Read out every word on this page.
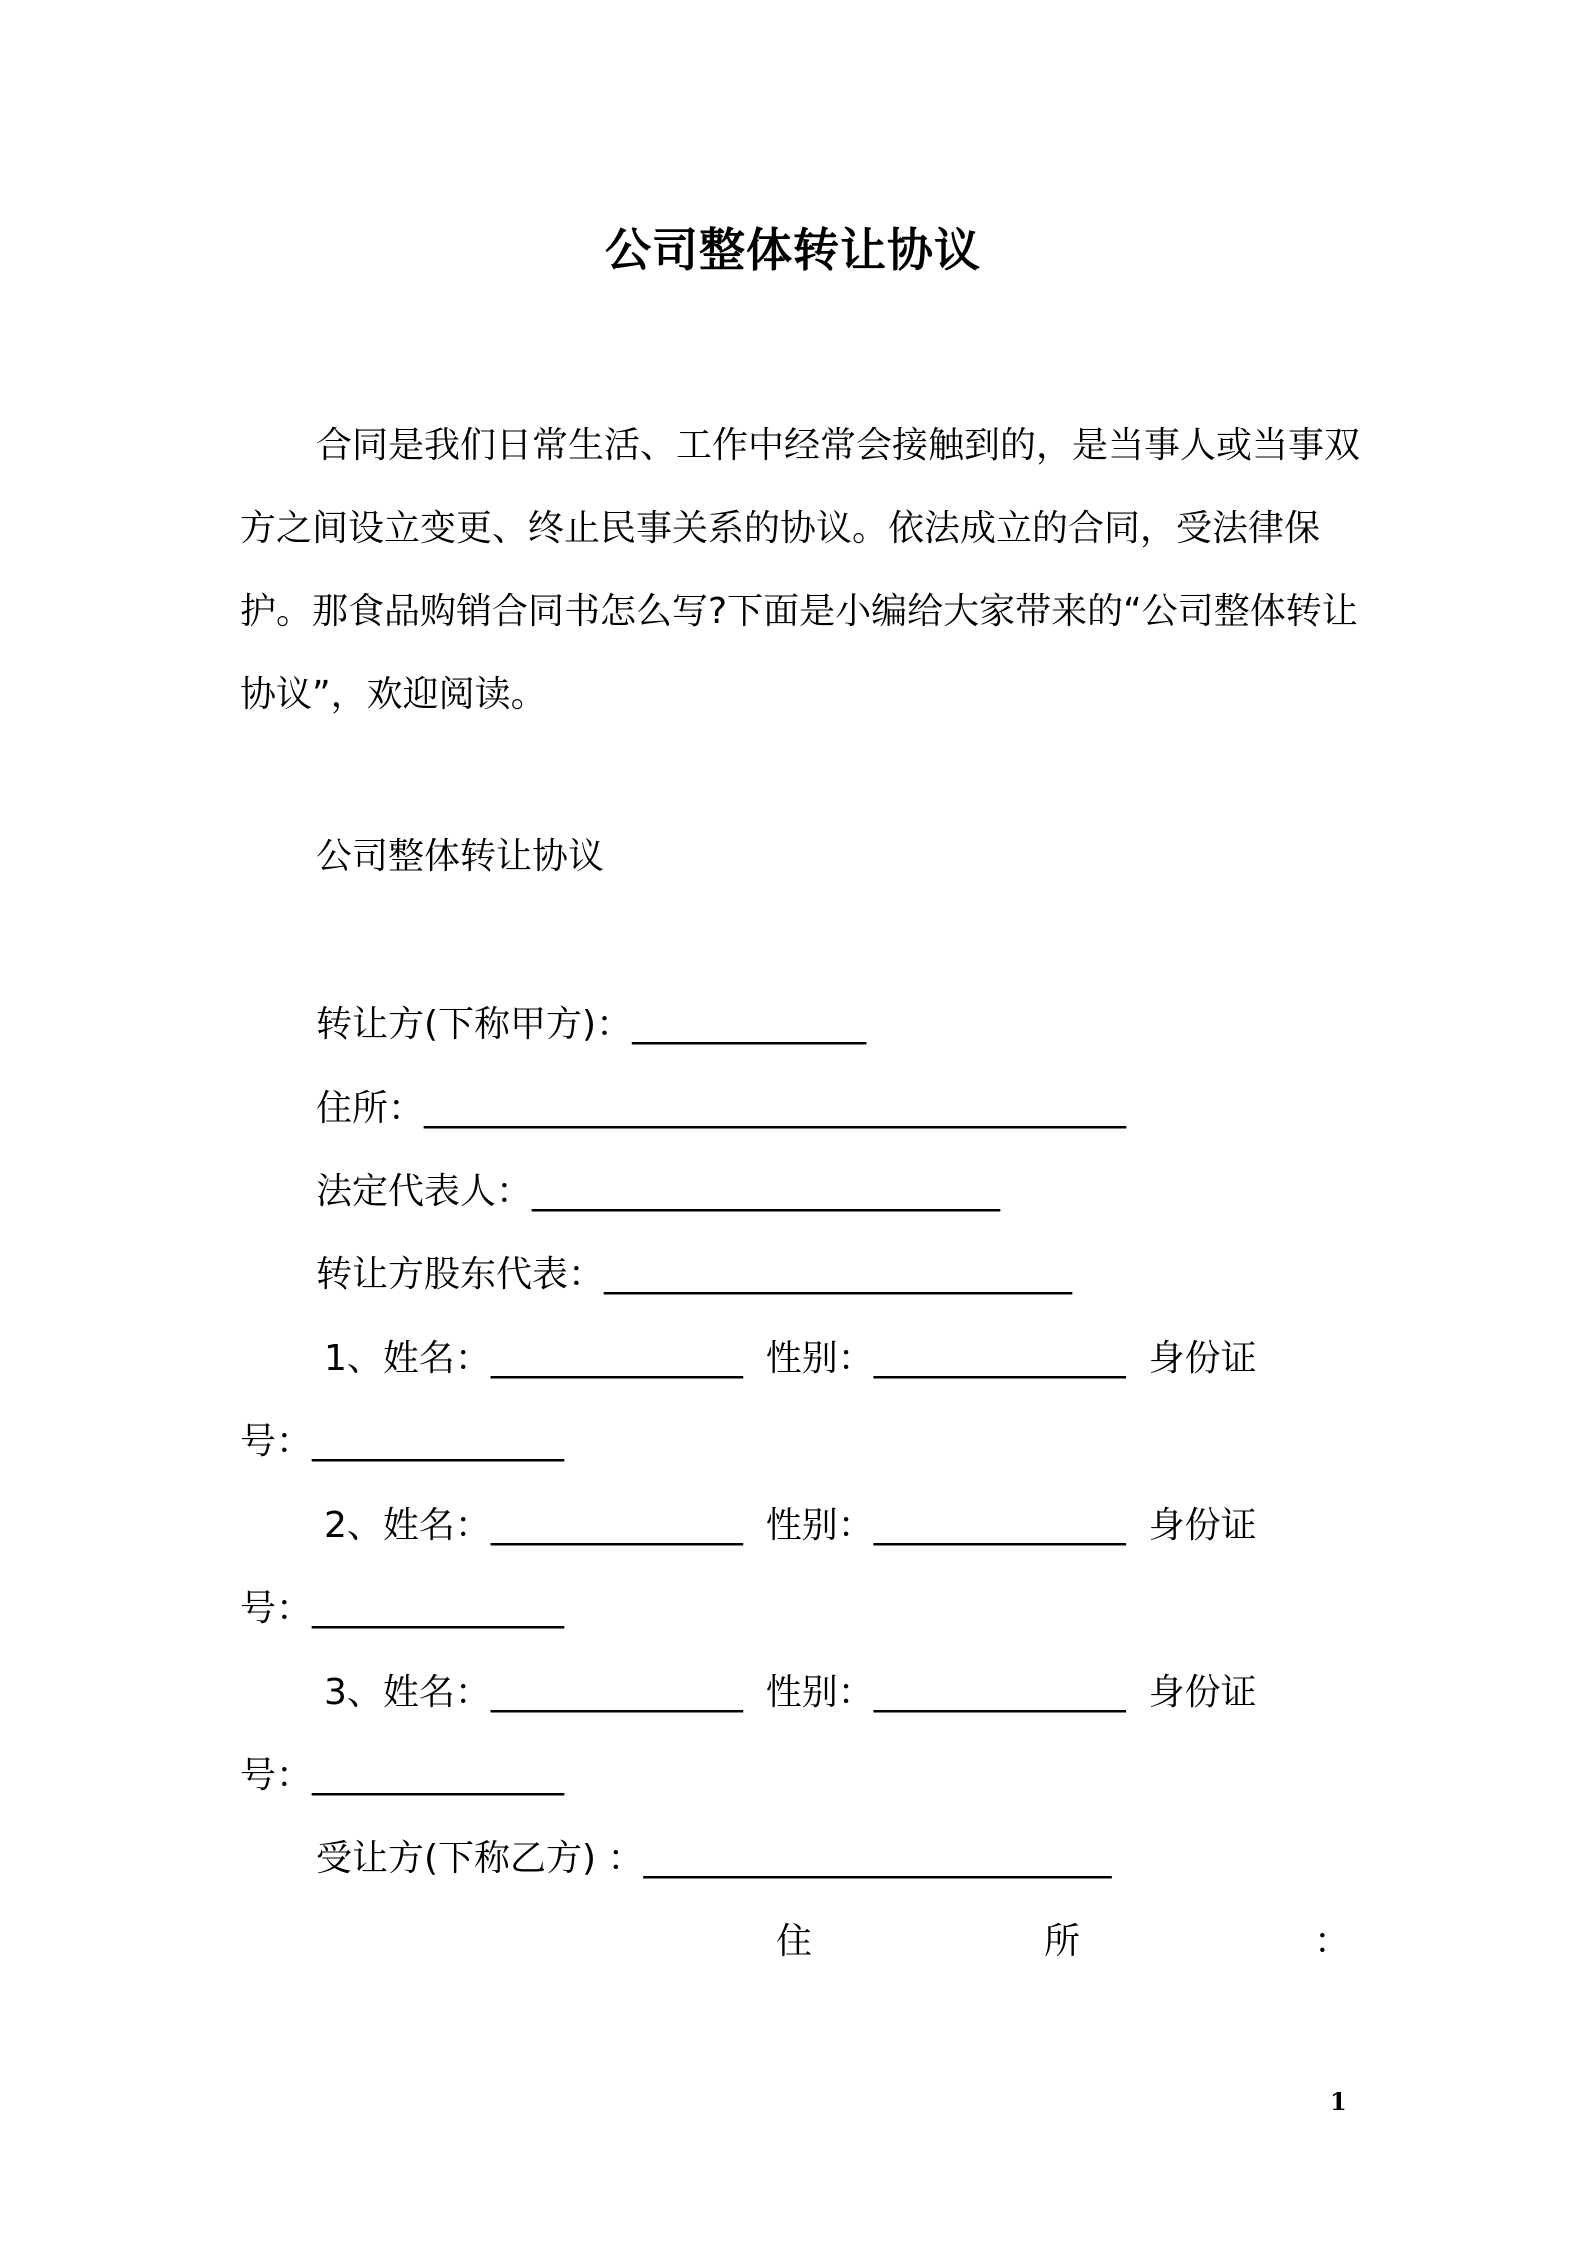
公司整体转让协议
合同是我们日常生活、工作中经常会接触到的，是当事人或当事双方之间设立变更、终止民事关系的协议。依法成立的合同，受法律保护。那食品购销合同书怎么写?下面是小编给大家带来的“公司整体转让协议”，欢迎阅读。
公司整体转让协议
转让方(下称甲方)：_____________
住所：_______________________________________
法定代表人：__________________________
转让方股东代表：__________________________
1、姓名：______________  性别：______________  身份证
号：______________
2、姓名：______________  性别：______________  身份证
号：______________
3、姓名：______________  性别：______________  身份证
号：______________
受让方(下称乙方) ：__________________________
住	所	：
1
